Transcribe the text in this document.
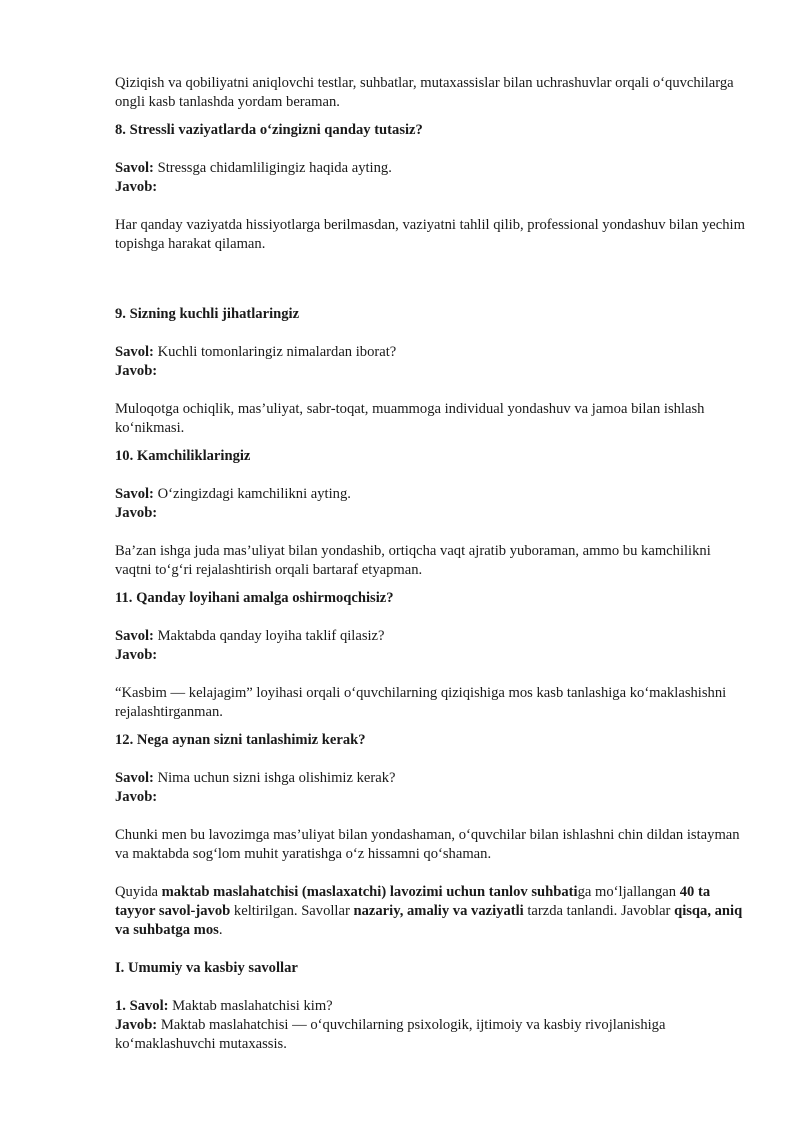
Qiziqish va qobiliyatni aniqlovchi testlar, suhbatlar, mutaxassislar bilan uchrashuvlar orqali o‘quvchilarga ongli kasb tanlashda yordam beraman.

8. Stressli vaziyatlarda o‘zingizni qanday tutasiz?

Savol: Stressga chidamliligingiz haqida ayting.

Javob:

Har qanday vaziyatda hissiyotlarga berilmasdan, vaziyatni tahlil qilib, professional yondashuv bilan yechim topishga harakat qilaman.

9. Sizning kuchli jihatlaringiz

Savol: Kuchli tomonlaringiz nimalardan iborat?

Javob:

Muloqotga ochiqlik, mas’uliyat, sabr-toqat, muammoga individual yondashuv va jamoa bilan ishlash ko‘nikmasi.

10. Kamchiliklaringiz

Savol: O‘zingizdagi kamchilikni ayting.

Javob:

Ba’zan ishga juda mas’uliyat bilan yondashib, ortiqcha vaqt ajratib yuboraman, ammo bu kamchilikni vaqtni to‘g‘ri rejalashtirish orqali bartaraf etyapman.

11. Qanday loyihani amalga oshirmoqchisiz?

Savol: Maktabda qanday loyiha taklif qilasiz?

Javob:

“Kasbim — kelajagim” loyihasi orqali o‘quvchilarning qiziqishiga mos kasb tanlashiga ko‘maklashishni rejalashtirganman.

12. Nega aynan sizni tanlashimiz kerak?

Savol: Nima uchun sizni ishga olishimiz kerak?

Javob:

Chunki men bu lavozimga mas’uliyat bilan yondashaman, o‘quvchilar bilan ishlashni chin dildan istayman va maktabda sog‘lom muhit yaratishga o‘z hissamni qo‘shaman.

Quyida maktab maslahatchisi (maslaxatchi) lavozimi uchun tanlov suhbatiga mo‘ljallangan 40 ta tayyor savol-javob keltirilgan. Savollar nazariy, amaliy va vaziyatli tarzda tanlandi. Javoblar qisqa, aniq va suhbatga mos.

I. Umumiy va kasbiy savollar

1. Savol: Maktab maslahatchisi kim?

Javob: Maktab maslahatchisi — o‘quvchilarning psixologik, ijtimoiy va kasbiy rivojlanishiga ko‘maklashuvchi mutaxassis.
